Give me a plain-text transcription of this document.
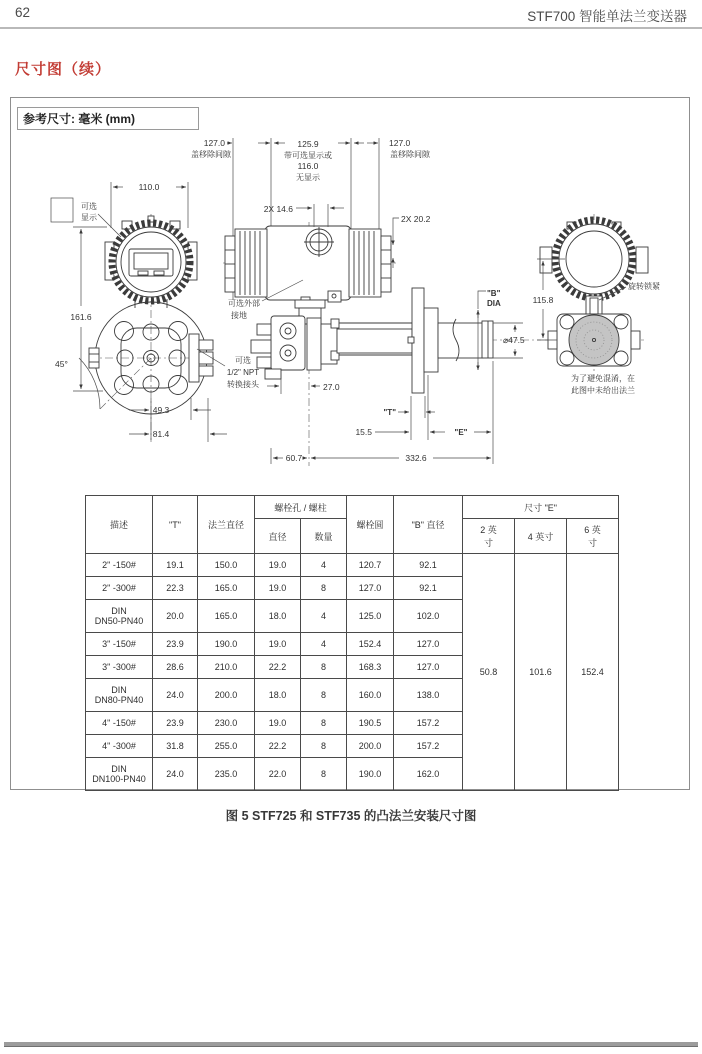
62	STF700 智能单法兰变送器
尺寸图（续）
参考尺寸: 毫米 (mm)
127.0
盖移除间隙
125.9
带可选显示或
116.0
无显示
127.0
盖移除间隙
110.0
可选
显示
161.6
45°
49.3
81.4
可选
1/2" NPT
转换接头
2X 14.6
2X 20.2
可选外部
接地
27.0
"B"
DIA
⌀47.5
"T"
15.5	"E"
60.7	332.6
旋转锁紧
115.8
为了避免混淆，在
此图中未给出法兰
描述	"T"	法兰直径	螺栓孔 / 螺柱		螺栓圆	"B" 直径	尺寸 "E"		
			直径	数量			2 英
寸	4 英寸	6 英
寸
2" -150#	19.1	150.0	19.0	4	120.7	92.1	50.8	101.6	152.4
2" -300#	22.3	165.0	19.0	8	127.0	92.1			
DIN
DN50-PN40	20.0	165.0	18.0	4	125.0	102.0			
3" -150#	23.9	190.0	19.0	4	152.4	127.0			
3" -300#	28.6	210.0	22.2	8	168.3	127.0			
DIN
DN80-PN40	24.0	200.0	18.0	8	160.0	138.0			
4" -150#	23.9	230.0	19.0	8	190.5	157.2			
4" -300#	31.8	255.0	22.2	8	200.0	157.2			
DIN
DN100-PN40	24.0	235.0	22.0	8	190.0	162.0			
图 5 STF725 和 STF735 的凸法兰安装尺寸图
